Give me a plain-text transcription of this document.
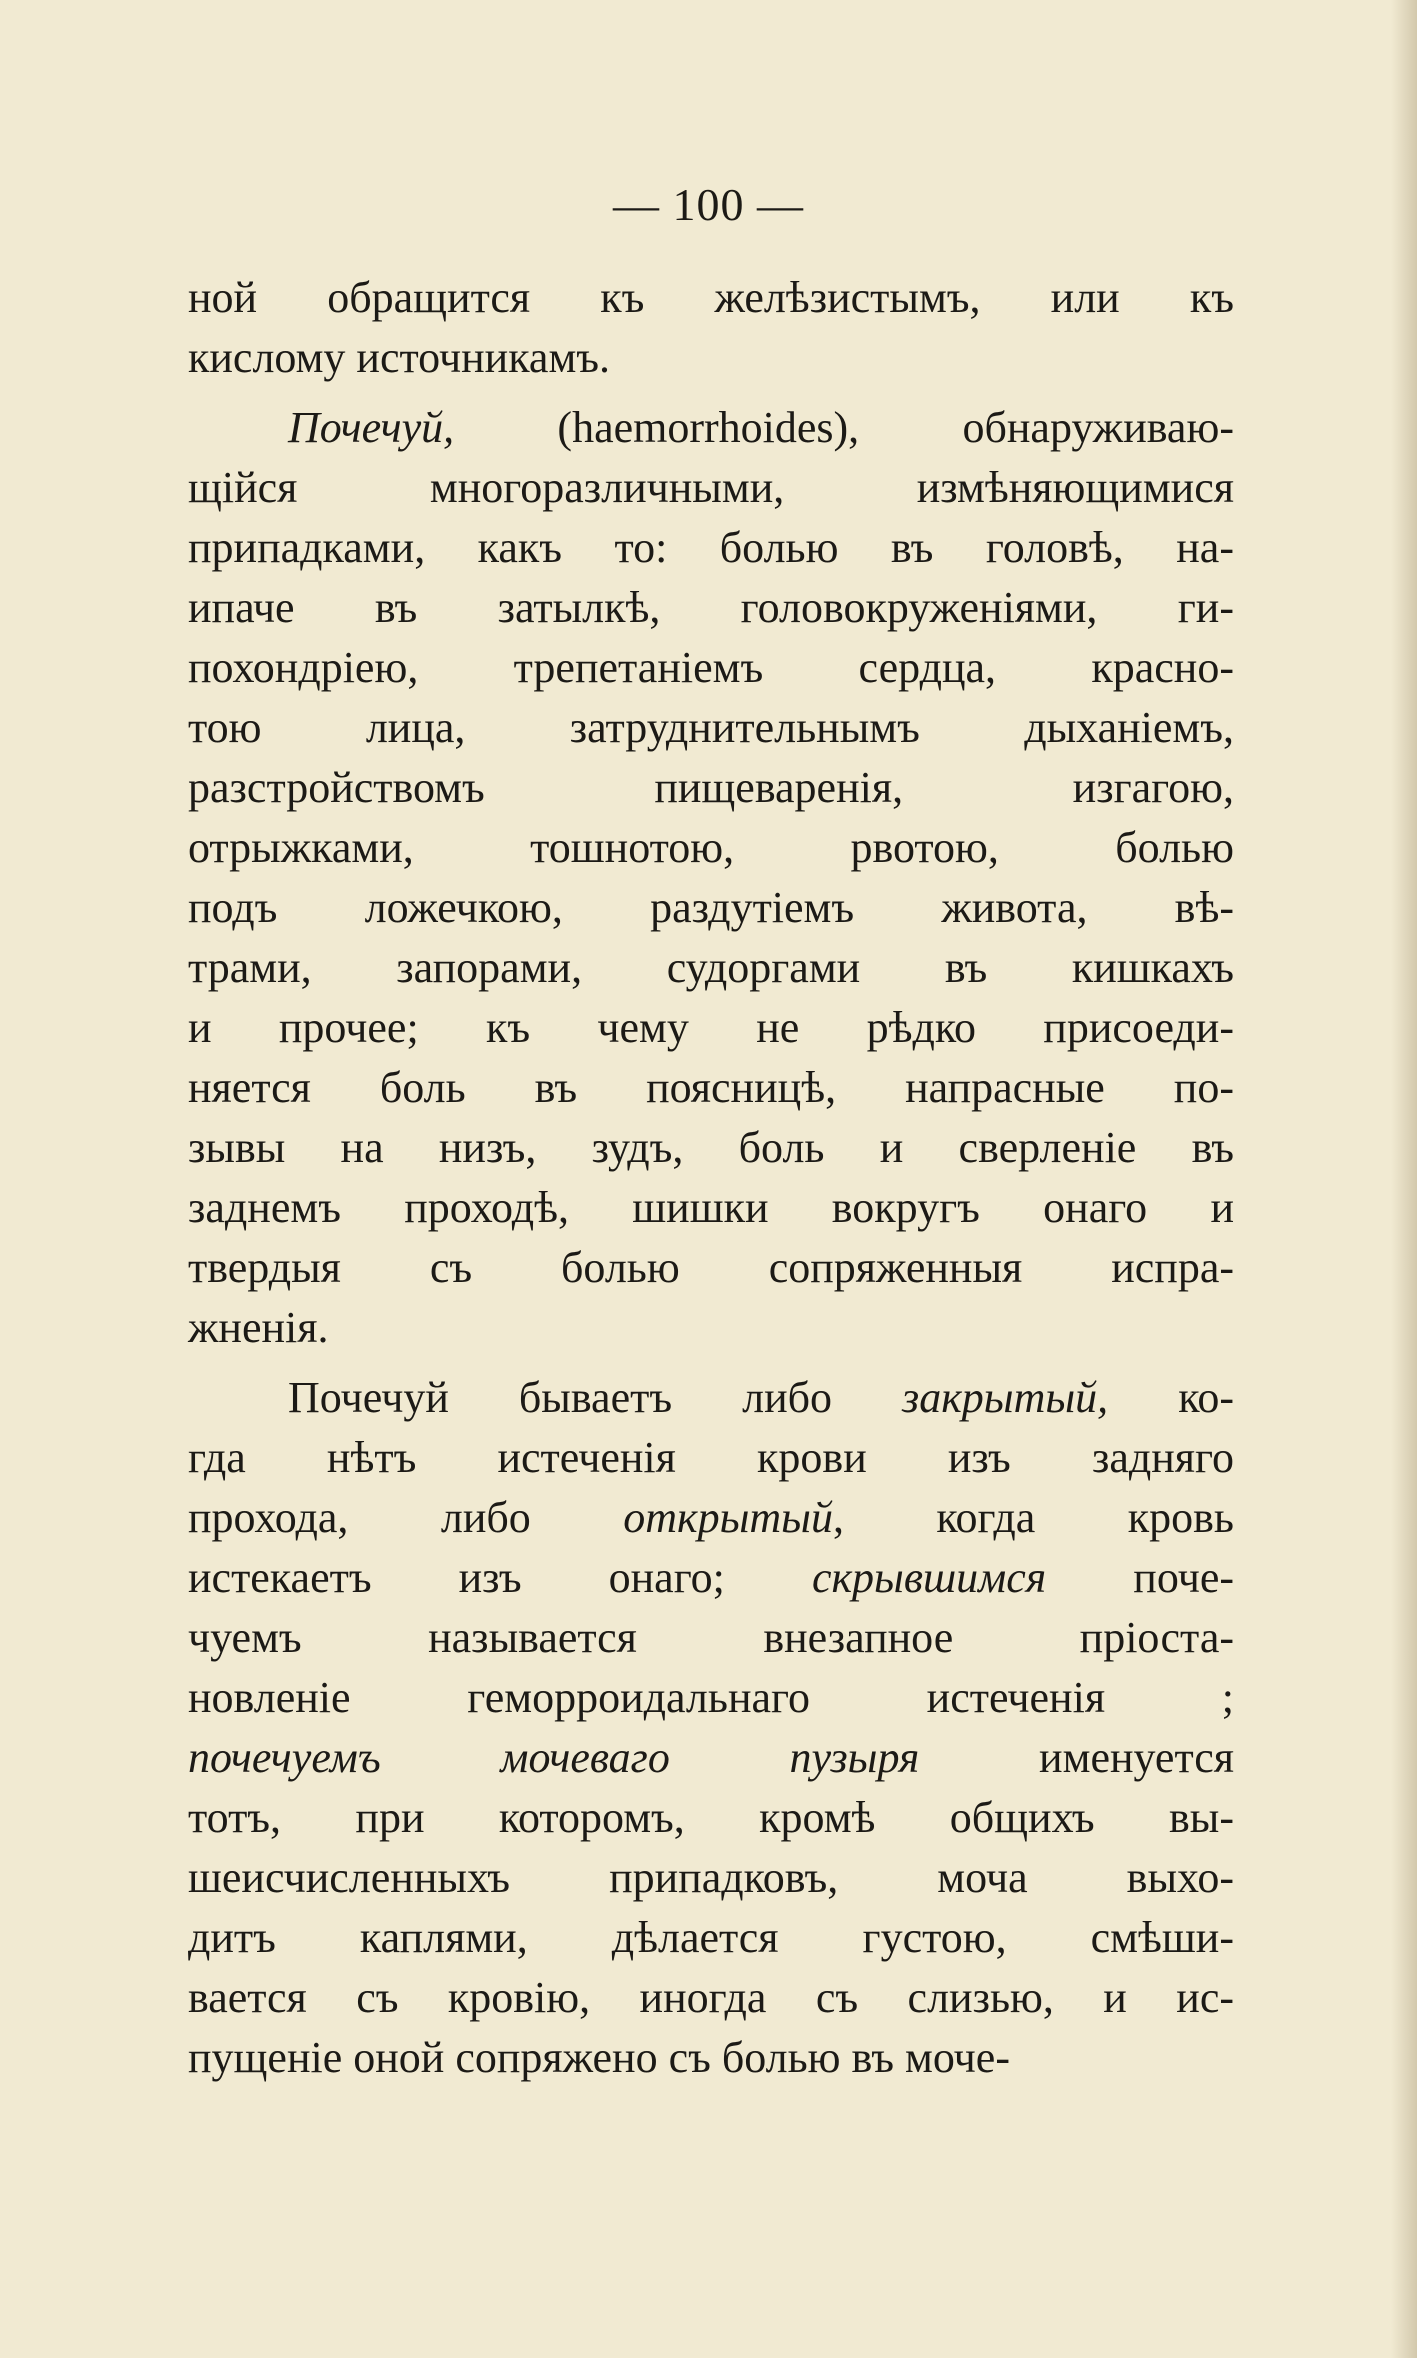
— 100 —
ной обращится къ желѣзистымъ, или къ
кислому источникамъ.
Почечуй, (haemorrhoides), обнаруживаю-
щійся многоразличными, измѣняющимися
припадками, какъ то: болью въ головѣ, на-
ипаче въ затылкѣ, головокруженіями, ги-
похондріею, трепетаніемъ сердца, красно-
тою лица, затруднительнымъ дыханіемъ,
разстройствомъ пищеваренія, изгагою,
отрыжками, тошнотою, рвотою, болью
подъ ложечкою, раздутіемъ живота, вѣ-
трами, запорами, судоргами въ кишкахъ
и прочее; къ чему не рѣдко присоеди-
няется боль въ поясницѣ, напрасные по-
зывы на низъ, зудъ, боль и сверленіе въ
заднемъ проходѣ, шишки вокругъ онаго и
твердыя съ болью сопряженныя испра-
жненія.
Почечуй бываетъ либо закрытый, ко-
гда нѣтъ истеченія крови изъ задняго
прохода, либо открытый, когда кровь
истекаетъ изъ онаго; скрывшимся поче-
чуемъ называется внезапное пріоста-
новленіе геморроидальнаго истеченія ;
почечуемъ мочеваго пузыря именуется
тотъ, при которомъ, кромѣ общихъ вы-
шеисчисленныхъ припадковъ, моча выхо-
дитъ каплями, дѣлается густою, смѣши-
вается съ кровію, иногда съ слизью, и ис-
пущеніе оной сопряжено съ болью въ моче-
